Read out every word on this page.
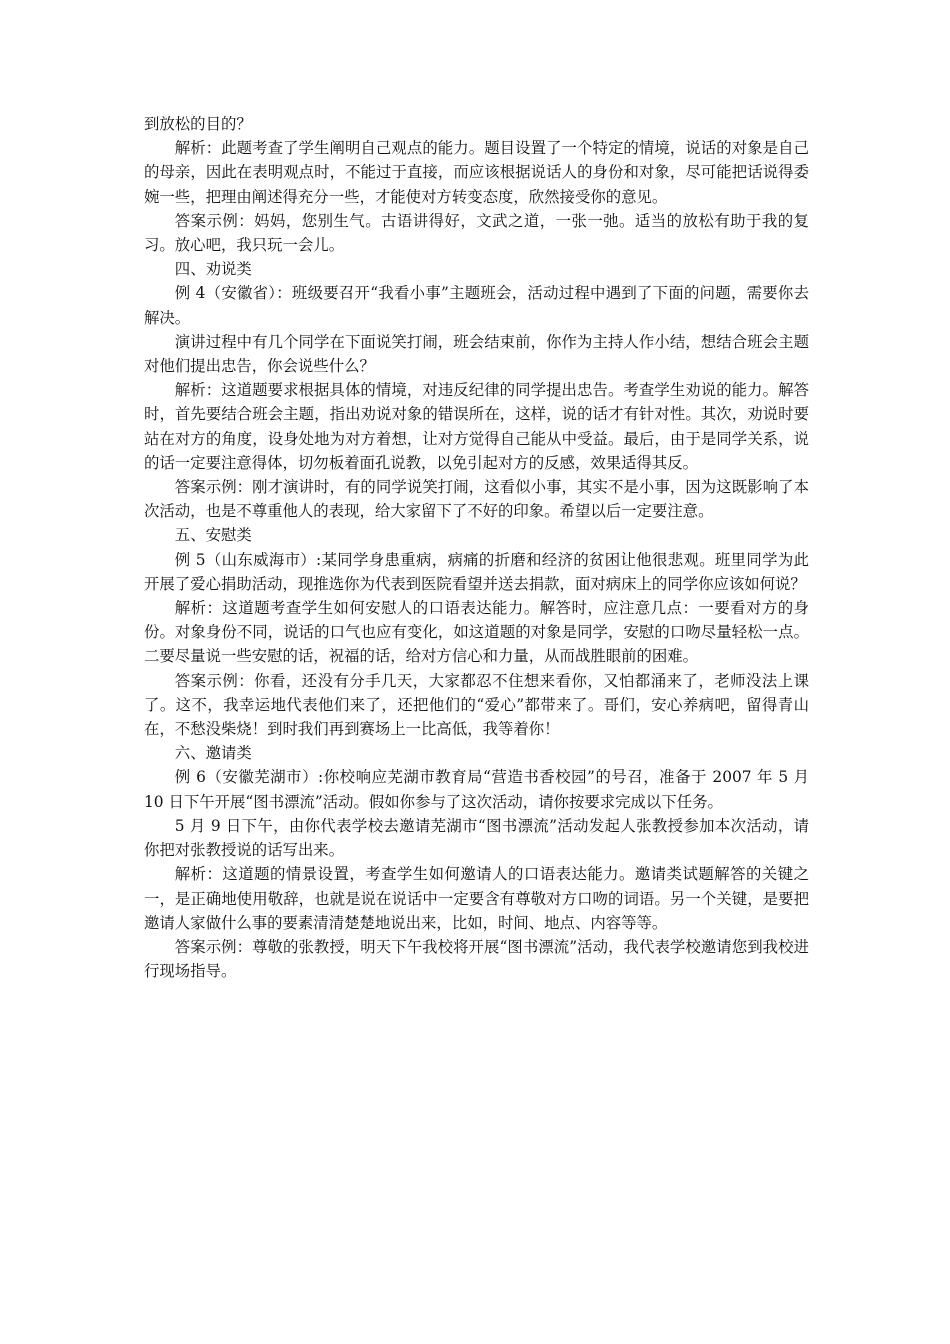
到放松的目的？

解析：此题考查了学生阐明自己观点的能力。题目设置了一个特定的情境，说话的对象是自己的母亲，因此在表明观点时，不能过于直接，而应该根据说话人的身份和对象，尽可能把话说得委婉一些，把理由阐述得充分一些，才能使对方转变态度，欣然接受你的意见。

答案示例：妈妈，您别生气。古语讲得好，文武之道，一张一弛。适当的放松有助于我的复习。放心吧，我只玩一会儿。

四、劝说类

例 4（安徽省）：班级要召开“我看小事”主题班会，活动过程中遇到了下面的问题，需要你去解决。

演讲过程中有几个同学在下面说笑打闹，班会结束前，你作为主持人作小结，想结合班会主题对他们提出忠告，你会说些什么？

解析：这道题要求根据具体的情境，对违反纪律的同学提出忠告。考查学生劝说的能力。解答时，首先要结合班会主题，指出劝说对象的错误所在，这样，说的话才有针对性。其次，劝说时要站在对方的角度，设身处地为对方着想，让对方觉得自己能从中受益。最后，由于是同学关系，说的话一定要注意得体，切勿板着面孔说教，以免引起对方的反感，效果适得其反。

答案示例：刚才演讲时，有的同学说笑打闹，这看似小事，其实不是小事，因为这既影响了本次活动，也是不尊重他人的表现，给大家留下了不好的印象。希望以后一定要注意。

五、安慰类

例 5（山东威海市）:某同学身患重病，病痛的折磨和经济的贫困让他很悲观。班里同学为此开展了爱心捐助活动，现推选你为代表到医院看望并送去捐款，面对病床上的同学你应该如何说？

解析：这道题考查学生如何安慰人的口语表达能力。解答时，应注意几点：一要看对方的身份。对象身份不同，说话的口气也应有变化，如这道题的对象是同学，安慰的口吻尽量轻松一点。二要尽量说一些安慰的话，祝福的话，给对方信心和力量，从而战胜眼前的困难。

答案示例：你看，还没有分手几天，大家都忍不住想来看你，又怕都涌来了，老师没法上课了。这不，我幸运地代表他们来了，还把他们的“爱心”都带来了。哥们，安心养病吧，留得青山在，不愁没柴烧！到时我们再到赛场上一比高低，我等着你！

六、邀请类

例 6（安徽芜湖市）:你校响应芜湖市教育局“营造书香校园”的号召，准备于 2007 年 5 月 10 日下午开展“图书漂流”活动。假如你参与了这次活动，请你按要求完成以下任务。

5 月 9 日下午，由你代表学校去邀请芜湖市“图书漂流”活动发起人张教授参加本次活动，请你把对张教授说的话写出来。

解析：这道题的情景设置，考查学生如何邀请人的口语表达能力。邀请类试题解答的关键之一，是正确地使用敬辞，也就是说在说话中一定要含有尊敬对方口吻的词语。另一个关键，是要把邀请人家做什么事的要素清清楚楚地说出来，比如，时间、地点、内容等等。

答案示例：尊敬的张教授，明天下午我校将开展“图书漂流”活动，我代表学校邀请您到我校进行现场指导。
